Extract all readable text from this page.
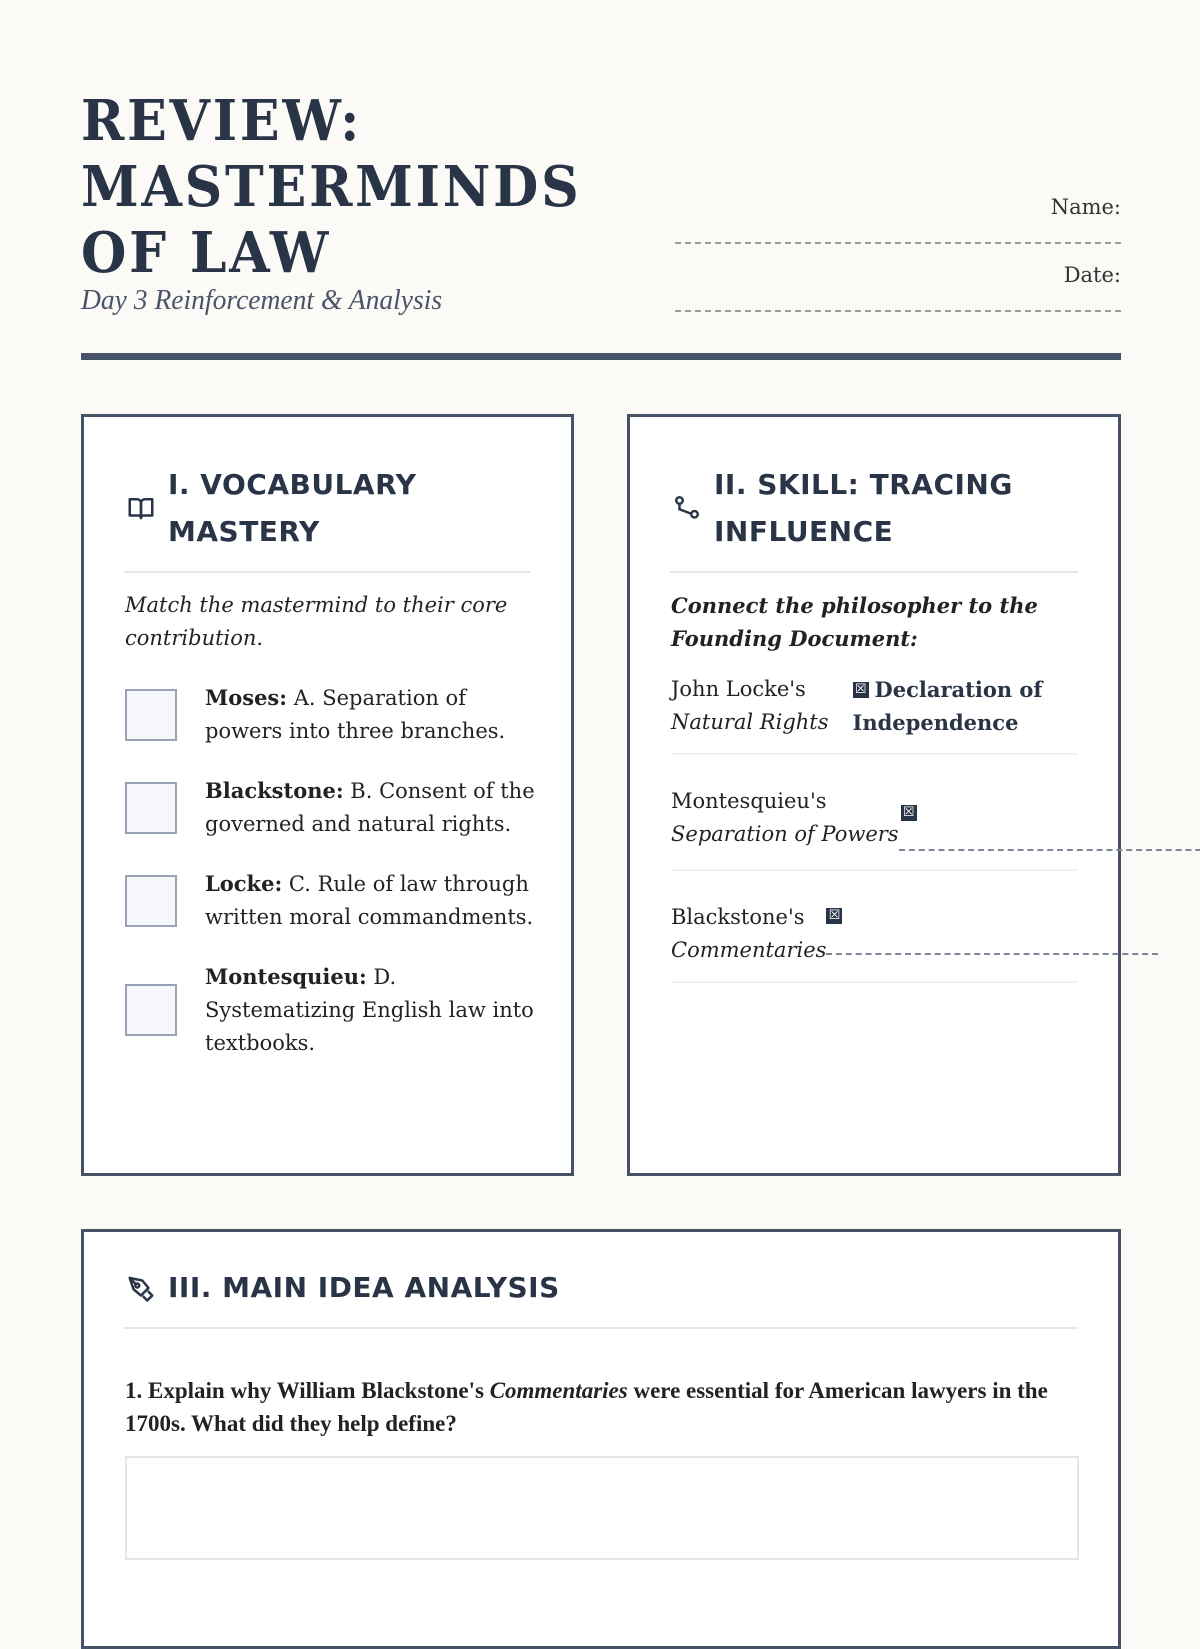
REVIEW: MASTERMINDS OF LAW
Day 3 Reinforcement & Analysis
Name:
Date:
I. VOCABULARY MASTERY
Match the mastermind to their core contribution.
Moses: A. Separation of powers into three branches.
Blackstone: B. Consent of the governed and natural rights.
Locke: C. Rule of law through written moral commandments.
Montesquieu: D. Systematizing English law into textbooks.
II. SKILL: TRACING INFLUENCE
Connect the philosopher to the Founding Document:
John Locke's
Natural Rights
☒ Declaration of Independence
Montesquieu's
Separation of Powers
☒
Blackstone's
Commentaries
☒
III. MAIN IDEA ANALYSIS
1. Explain why William Blackstone's Commentaries were essential for American lawyers in the 1700s. What did they help define?
